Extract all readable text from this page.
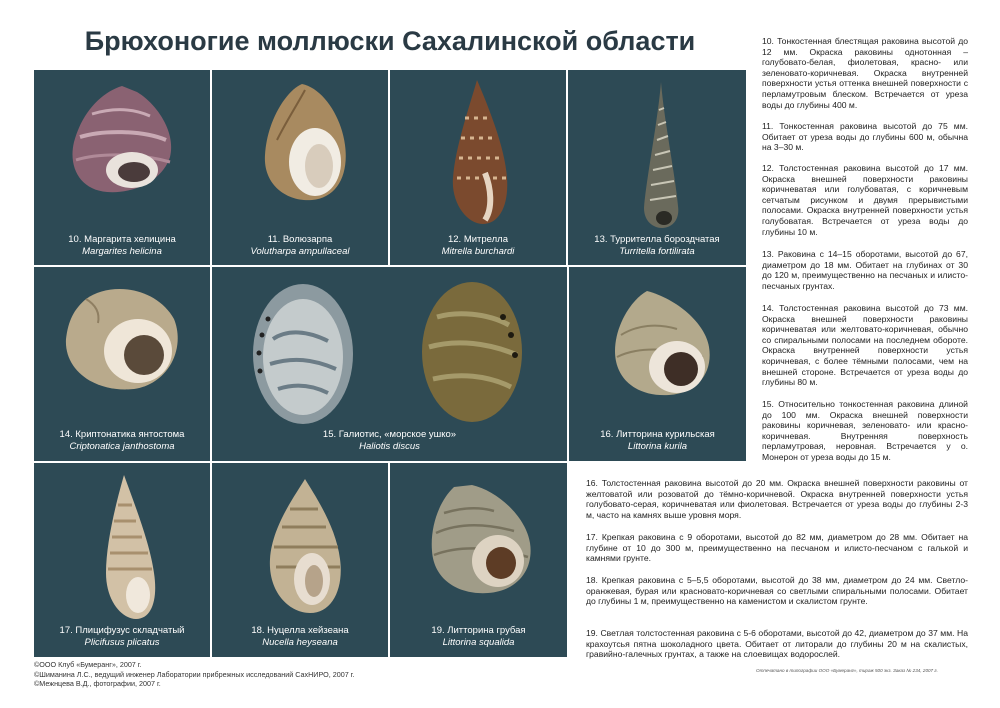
Брюхоногие моллюски Сахалинской области
10. Маргарита хелицина
Margarites helicina
11. Волюзарпа
Volutharpa ampullaceal
12. Митрелла
Mitrella burchardi
13. Туррителла бороздчатая
Turritella fortilirata
14. Криптонатика янтостома
Criptonatica janthostoma
15. Галиотис, «морское ушко»
Haliotis discus
16. Литторина курильская
Littorina kurila
17. Плицифузус складчатый
Plicifusus plicatus
18. Нуцелла хейзеана
Nucella heyseana
19. Литторина грубая
Littorina squalida
10. Тонкостенная блестящая раковина высотой до 12 мм. Окраска раковины однотонная – голубовато-белая, фиолетовая, красно- или зеленовато-коричневая. Окраска внутренней поверхности устья оттенка внешней поверхности с перламутровым блеском. Встречается от уреза воды до глубины 400 м.
11. Тонкостенная раковина высотой до 75 мм. Обитает от уреза воды до глубины 600 м, обычна на 3–30 м.
12. Толстостенная раковина высотой до 17 мм. Окраска внешней поверхности раковины коричневатая или голубоватая, с коричневым сетчатым рисунком и двумя прерывистыми полосами. Окраска внутренней поверхности устья голубоватая. Встречается от уреза воды до глубины 10 м.
13. Раковина с 14–15 оборотами, высотой до 67, диаметром до 18 мм. Обитает на глубинах от 30 до 120 м, преимущественно на песчаных и илисто-песчаных грунтах.
14. Толстостенная раковина высотой до 73 мм. Окраска внешней поверхности раковины коричневатая или желтовато-коричневая, обычно со спиральными полосами на последнем обороте. Окраска внутренней поверхности устья коричневая, с более тёмными полосами, чем на внешней стороне. Встречается от уреза воды до глубины 80 м.
15. Относительно тонкостенная раковина длиной до 100 мм. Окраска внешней поверхности раковины коричневая, зеленовато- или красно-коричневая. Внутренняя поверхность перламутровая, неровная. Встречается у о. Монерон от уреза воды до 15 м.
16. Толстостенная раковина высотой до 20 мм. Окраска внешней поверхности раковины от желтоватой или розоватой до тёмно-коричневой. Окраска внутренней поверхности устья голубовато-серая, коричневатая или фиолетовая. Встречается от уреза воды до глубины 2-3 м, часто на камнях выше уровня моря.
17. Крепкая раковина с 9 оборотами, высотой до 82 мм, диаметром до 28 мм. Обитает на глубине от 10 до 300 м, преимущественно на песчаном и илисто-песчаном с галькой и камнями грунте.
18. Крепкая раковина с 5–5,5 оборотами, высотой до 38 мм, диаметром до 24 мм. Светло-оранжевая, бурая или красновато-коричневая со светлыми спиральными полосами. Обитает до глубины 1 м, преимущественно на каменистом и скалистом грунте.
19. Светлая толстостенная раковина с 5-6 оборотами, высотой до 42, диаметром до 37 мм. На крахоутсья пятна шоколадного цвета. Обитает от литорали до глубины 20 м на скалистых, гравийно-галечных грунтах, а также на слоевищах водорослей.
©ООО Клуб «Бумеранг», 2007 г.
©Шиманина Л.С., ведущий инженер Лаборатории прибрежных исследований СахНИРО, 2007 г.
©Межнцева В.Д., фотографии, 2007 г.
Отпечатано в типографии ООО «Бумеранг», тираж 500 экз. Заказ № 234, 2007 г.
